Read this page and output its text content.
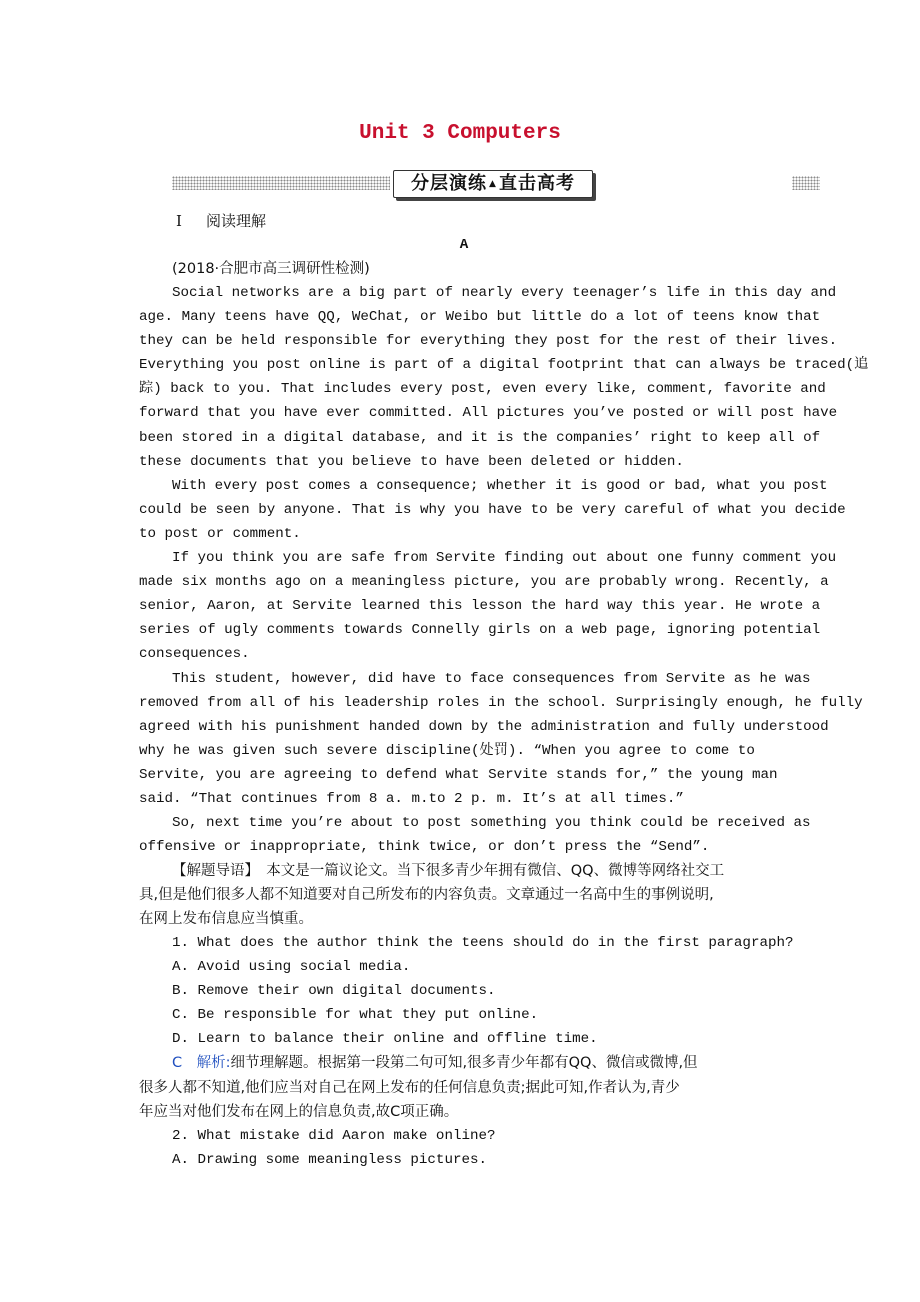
Unit 3 Computers
分层演练 ▲ 直击高考
Ⅰ 阅读理解
A
(2018·合肥市高三调研性检测)
Social networks are a big part of nearly every teenager’s life in this day and
age. Many teens have QQ, WeChat, or Weibo but little do a lot of teens know that
they can be held responsible for everything they post for the rest of their lives.
Everything you post online is part of a digital footprint that can always be traced(追
踪) back to you. That includes every post, even every like, comment, favorite and
forward that you have ever committed. All pictures you’ve posted or will post have
been stored in a digital database, and it is the companies’ right to keep all of
these documents that you believe to have been deleted or hidden.
With every post comes a consequence; whether it is good or bad, what you post
could be seen by anyone. That is why you have to be very careful of what you decide
to post or comment.
If you think you are safe from Servite finding out about one funny comment you
made six months ago on a meaningless picture, you are probably wrong. Recently, a
senior, Aaron, at Servite learned this lesson the hard way this year. He wrote a
series of ugly comments towards Connelly girls on a web page, ignoring potential
consequences.
This student, however, did have to face consequences from Servite as he was
removed from all of his leadership roles in the school. Surprisingly enough, he fully
agreed with his punishment handed down by the administration and fully understood
why he was given such severe discipline(处罚). “When you agree to come to
Servite, you are agreeing to defend what Servite stands for,” the young man
said. “That continues from 8 a. m.to 2 p. m. It’s at all times.”
So, next time you’re about to post something you think could be received as
offensive or inappropriate, think twice, or don’t press the “Send”.
【解题导语】　本文是一篇议论文。当下很多青少年拥有微信、QQ、微博等网络社交工
具,但是他们很多人都不知道要对自己所发布的内容负责。文章通过一名高中生的事例说明,
在网上发布信息应当慎重。
1. What does the author think the teens should do in the first paragraph?
A. Avoid using social media.
B. Remove their own digital documents.
C. Be responsible for what they put online.
D. Learn to balance their online and offline time.
C 解析:细节理解题。根据第一段第二句可知,很多青少年都有QQ、微信或微博,但
很多人都不知道,他们应当对自己在网上发布的任何信息负责;据此可知,作者认为,青少
年应当对他们发布在网上的信息负责,故C项正确。
2. What mistake did Aaron make online?
A. Drawing some meaningless pictures.
